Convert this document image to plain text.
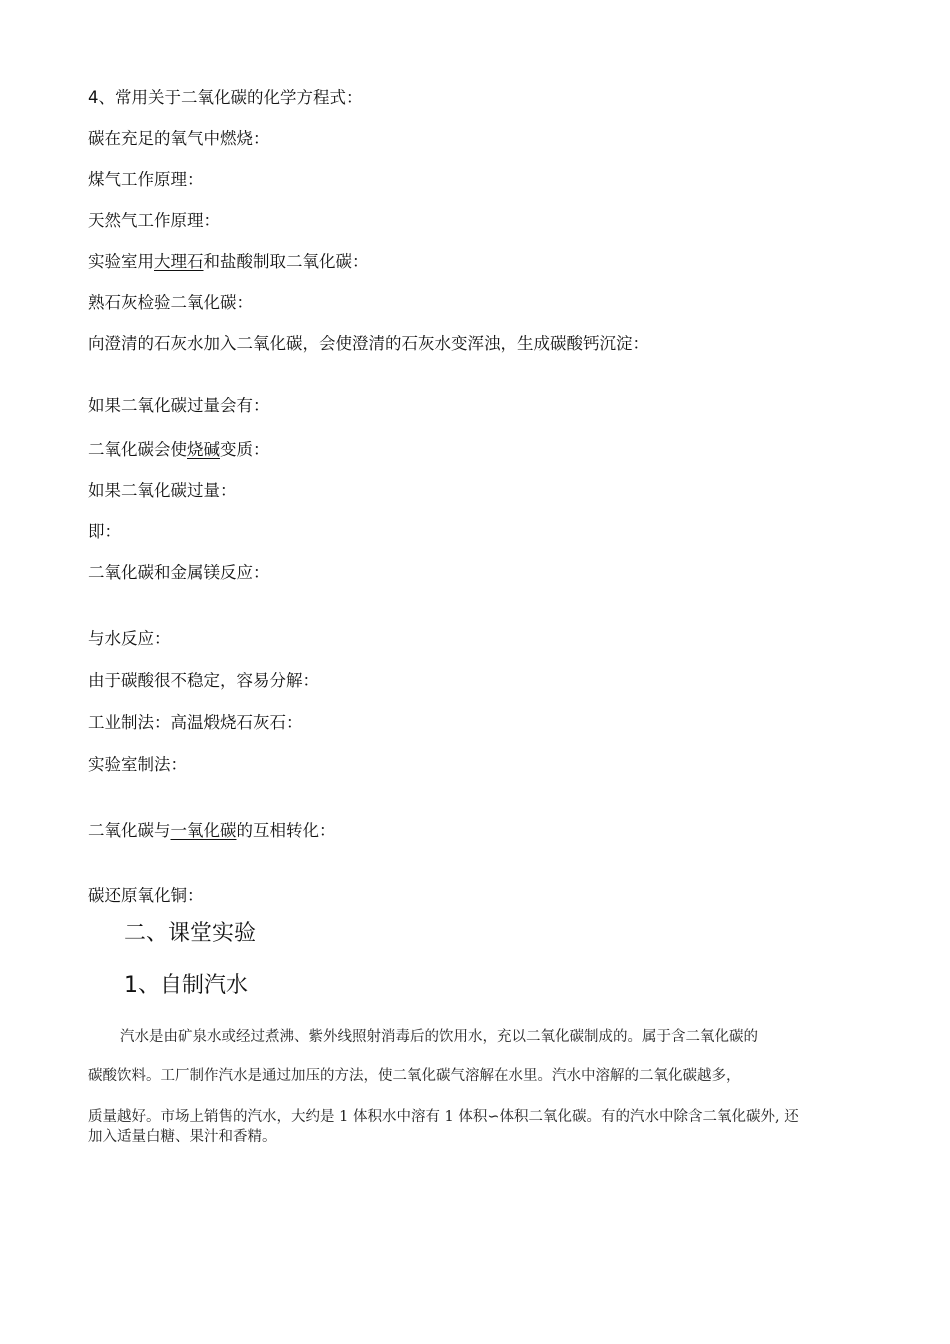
4、常用关于二氧化碳的化学方程式：
碳在充足的氧气中燃烧：
煤气工作原理：
天然气工作原理：
实验室用大理石和盐酸制取二氧化碳：
熟石灰检验二氧化碳：
向澄清的石灰水加入二氧化碳，会使澄清的石灰水变浑浊，生成碳酸钙沉淀：
如果二氧化碳过量会有：
二氧化碳会使烧碱变质：
如果二氧化碳过量：
即：
二氧化碳和金属镁反应：
与水反应：
由于碳酸很不稳定，容易分解：
工业制法：高温煅烧石灰石：
实验室制法：
二氧化碳与一氧化碳的互相转化：
碳还原氧化铜：
二、课堂实验
1、自制汽水
汽水是由矿泉水或经过煮沸、紫外线照射消毒后的饮用水，充以二氧化碳制成的。属于含二氧化碳的
碳酸饮料。工厂制作汽水是通过加压的方法，使二氧化碳气溶解在水里。汽水中溶解的二氧化碳越多，
质量越好。市场上销售的汽水，大约是 1 体积水中溶有 1 体积∽体积二氧化碳。有的汽水中除含二氧化碳外, 还
加入适量白糖、果汁和香精。
